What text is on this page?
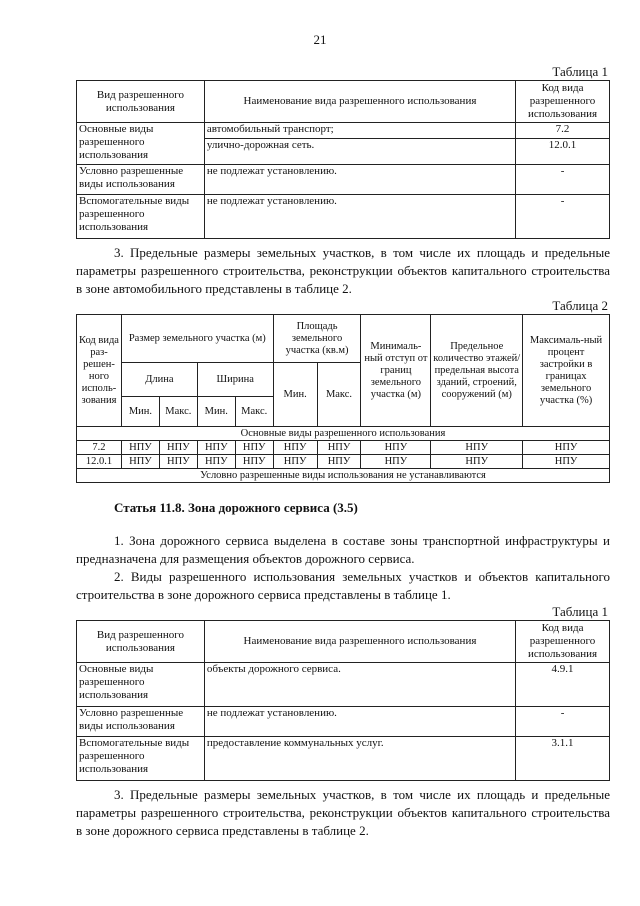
21
Таблица 1
Вид разрешенного использования	Наименование вида разрешенного использования	Код вида разрешенного использования
Основные виды разрешенного использования	автомобильный транспорт;	7.2
	улично-дорожная сеть.	12.0.1
Условно разрешенные виды использования	не подлежат установлению.	-
Вспомогательные виды разрешенного использования	не подлежат установлению.	-

3. Предельные размеры земельных участков, в том числе их площадь и предельные параметры разрешенного строительства, реконструкции объектов капитального строительства в зоне автомобильного представлены в таблице 2.

Таблица 2
Код вида раз-решен-ного исполь-зования	Размер земельного участка (м)				Площадь земельного участка (кв.м)		Минималь-ный отступ от границ земельного участка (м)	Предельное количество этажей/ предельная высота зданий, строений, сооружений (м)	Максималь-ный процент застройки в границах земельного участка (%)
	Длина		Ширина		Мин.	Макс.			
	Мин.	Макс.	Мин.	Макс.					
Основные виды разрешенного использования									
7.2	НПУ	НПУ	НПУ	НПУ	НПУ	НПУ	НПУ	НПУ	НПУ
12.0.1	НПУ	НПУ	НПУ	НПУ	НПУ	НПУ	НПУ	НПУ	НПУ
Условно разрешенные виды использования не устанавливаются									
Статья 11.8. Зона дорожного сервиса (3.5)

1. Зона дорожного сервиса выделена в составе зоны транспортной инфраструктуры и предназначена для размещения объектов дорожного сервиса.

2. Виды разрешенного использования земельных участков и объектов капитального строительства в зоне дорожного сервиса представлены в таблице 1.

Таблица 1
Вид разрешенного использования	Наименование вида разрешенного использования	Код вида разрешенного использования
Основные виды разрешенного использования	объекты дорожного сервиса.	4.9.1
Условно разрешенные виды использования	не подлежат установлению.	-
Вспомогательные виды разрешенного использования	предоставление коммунальных услуг.	3.1.1

3. Предельные размеры земельных участков, в том числе их площадь и предельные параметры разрешенного строительства, реконструкции объектов капитального строительства в зоне дорожного сервиса представлены в таблице 2.
